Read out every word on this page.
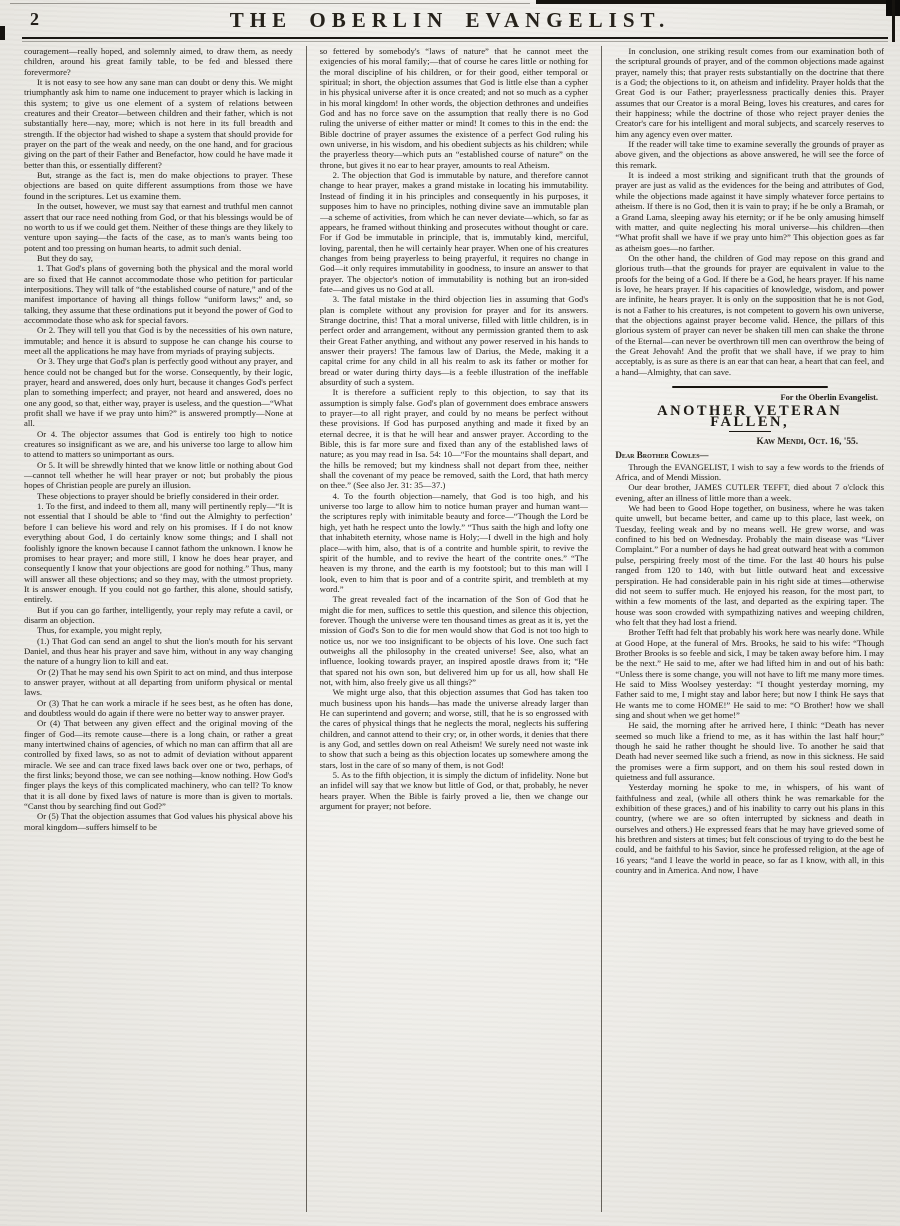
2	THE OBERLIN EVANGELIST.

couragement—really hoped, and solemnly aimed, to draw them, as needy children, around his great family table, to be fed and blessed there forevermore?

It is not easy to see how any sane man can doubt or deny this. We might triumphantly ask him to name one inducement to prayer which is lacking in this system; to give us one element of a system of relations between creatures and their Creator—between children and their father, which is not substantially here—nay, more; which is not here in its full breadth and strength. If the objector had wished to shape a system that should provide for prayer on the part of the weak and needy, on the one hand, and for gracious giving on the part of their Father and Benefactor, how could he have made it better than this, or essentially different?

But, strange as the fact is, men do make objections to prayer. These objections are based on quite different assumptions from those we have found in the scriptures. Let us examine them.

In the outset, however, we must say that earnest and truthful men cannot assert that our race need nothing from God, or that his blessings would be of no worth to us if we could get them. Neither of these things are they likely to venture upon saying—the facts of the case, as to man's wants being too potent and too pressing on human hearts, to admit such denial.

But they do say,

1. That God's plans of governing both the physical and the moral world are so fixed that He cannot accommodate those who petition for particular interpositions. They will talk of “the established course of nature,” and of the manifest importance of having all things follow “uniform laws;” and, so talking, they assume that these ordinations put it beyond the power of God to accommodate those who ask for special favors.

Or 2. They will tell you that God is by the necessities of his own nature, immutable; and hence it is absurd to suppose he can change his course to meet all the applications he may have from myriads of praying subjects.

Or 3. They urge that God's plan is perfectly good without any prayer, and hence could not be changed but for the worse. Consequently, by their logic, prayer, heard and answered, does only hurt, because it changes God's perfect plan to something imperfect; and prayer, not heard and answered, does no one any good, so that, either way, prayer is useless, and the question—“What profit shall we have if we pray unto him?” is answered promptly—None at all.

Or 4. The objector assumes that God is entirely too high to notice creatures so insignificant as we are, and his universe too large to allow him to attend to matters so unimportant as ours.

Or 5. It will be shrewdly hinted that we know little or nothing about God—cannot tell whether he will hear prayer or not; but probably the pious hopes of Christian people are purely an illusion.

These objections to prayer should be briefly considered in their order.

1. To the first, and indeed to them all, many will pertinently reply—“It is not essential that I should be able to ‘find out the Almighty to perfection’ before I can believe his word and rely on his promises. If I do not know everything about God, I do certainly know some things; and I shall not foolishly ignore the known because I cannot fathom the unknown. I know he promises to hear prayer; and more still, I know he does hear prayer, and consequently I know that your objections are good for nothing.” Thus, many will answer all these objections; and so they may, with the utmost propriety. It is answer enough. If you could not go farther, this alone, should satisfy, entirely.

But if you can go farther, intelligently, your reply may refute a cavil, or disarm an objection.

Thus, for example, you might reply,

(1.) That God can send an angel to shut the lion's mouth for his servant Daniel, and thus hear his prayer and save him, without in any way changing the nature of a hungry lion to kill and eat.

Or (2) That he may send his own Spirit to act on mind, and thus interpose to answer prayer, without at all departing from uniform physical or mental laws.

Or (3) That he can work a miracle if he sees best, as he often has done, and doubtless would do again if there were no better way to answer prayer.

Or (4) That between any given effect and the original moving of the finger of God—its remote cause—there is a long chain, or rather a great many intertwined chains of agencies, of which no man can affirm that all are controlled by fixed laws, so as not to admit of deviation without apparent miracle. We see and can trace fixed laws back over one or two, perhaps, of the first links; beyond those, we can see nothing—know nothing. How God's finger plays the keys of this complicated machinery, who can tell? To know that it is all done by fixed laws of nature is more than is given to mortals. “Canst thou by searching find out God?”

Or (5) That the objection assumes that God values his physical above his moral kingdom—suffers himself to be

so fettered by somebody's “laws of nature” that he cannot meet the exigencies of his moral family;—that of course he cares little or nothing for the moral discipline of his children, or for their good, either temporal or spiritual; in short, the objection assumes that God is little else than a cypher in his physical universe after it is once created; and not so much as a cypher in his moral kingdom! In other words, the objection dethrones and undeifies God and has no force save on the assumption that really there is no God ruling the universe of either matter or mind! It comes to this in the end: the Bible doctrine of prayer assumes the existence of a perfect God ruling his own universe, in his wisdom, and his obedient subjects as his children; while the prayerless theory—which puts an “established course of nature” on the throne, but gives it no ear to hear prayer, amounts to real Atheism.

2. The objection that God is immutable by nature, and therefore cannot change to hear prayer, makes a grand mistake in locating his immutability. Instead of finding it in his principles and consequently in his purposes, it supposes him to have no principles, nothing divine save an immutable plan—a scheme of activities, from which he can never deviate—which, so far as appears, he framed without thinking and prosecutes without thought or care. For if God be immutable in principle, that is, immutably kind, merciful, loving, parental, then he will certainly hear prayer. When one of his creatures changes from being prayerless to being prayerful, it requires no change in God—it only requires immutability in goodness, to insure an answer to that prayer. The objector's notion of immutability is nothing but an iron-sided fate—and gives us no God at all.

3. The fatal mistake in the third objection lies in assuming that God's plan is complete without any provision for prayer and for its answers. Strange doctrine, this! That a moral universe, filled with little children, is in perfect order and arrangement, without any permission granted them to ask their Great Father anything, and without any power reserved in his hands to answer their prayers! The famous law of Darius, the Mede, making it a capital crime for any child in all his realm to ask its father or mother for bread or water during thirty days—is a feeble illustration of the ineffable absurdity of such a system.

It is therefore a sufficient reply to this objection, to say that its assumption is simply false. God's plan of government does embrace answers to prayer—to all right prayer, and could by no means be perfect without these provisions. If God has purposed anything and made it fixed by an eternal decree, it is that he will hear and answer prayer. According to the Bible, this is far more sure and fixed than any of the established laws of nature; as you may read in Isa. 54: 10—“For the mountains shall depart, and the hills be removed; but my kindness shall not depart from thee, neither shall the covenant of my peace be removed, saith the Lord, that hath mercy on thee.” (See also Jer. 31: 35—37.)

4. To the fourth objection—namely, that God is too high, and his universe too large to allow him to notice human prayer and human want—the scriptures reply with inimitable beauty and force—“Though the Lord be high, yet hath he respect unto the lowly.” “Thus saith the high and lofty one that inhabiteth eternity, whose name is Holy;—I dwell in the high and holy place—with him, also, that is of a contrite and humble spirit, to revive the spirit of the humble, and to revive the heart of the contrite ones.” “The heaven is my throne, and the earth is my footstool; but to this man will I look, even to him that is poor and of a contrite spirit, and trembleth at my word.”

The great revealed fact of the incarnation of the Son of God that he might die for men, suffices to settle this question, and silence this objection, forever. Though the universe were ten thousand times as great as it is, yet the mission of God's Son to die for men would show that God is not too high to notice us, nor we too insignificant to be objects of his love. One such fact outweighs all the philosophy in the created universe! See, also, what an influence, looking towards prayer, an inspired apostle draws from it; “He that spared not his own son, but delivered him up for us all, how shall He not, with him, also freely give us all things?”

We might urge also, that this objection assumes that God has taken too much business upon his hands—has made the universe already larger than He can superintend and govern; and worse, still, that he is so engrossed with the cares of physical things that he neglects the moral, neglects his suffering children, and cannot attend to their cry; or, in other words, it denies that there is any God, and settles down on real Atheism! We surely need not waste ink to show that such a being as this objection locates up somewhere among the stars, lost in the care of so many of them, is not God!

5. As to the fifth objection, it is simply the dictum of infidelity. None but an infidel will say that we know but little of God, or that, probably, he never hears prayer. When the Bible is fairly proved a lie, then we change our argument for prayer; not before.

In conclusion, one striking result comes from our examination both of the scriptural grounds of prayer, and of the common objections made against prayer, namely this; that prayer rests substantially on the doctrine that there is a God; the objections to it, on atheism and infidelity. Prayer holds that the Great God is our Father; prayerlessness practically denies this. Prayer assumes that our Creator is a moral Being, loves his creatures, and cares for their happiness; while the doctrine of those who reject prayer denies the Creator's care for his intelligent and moral subjects, and scarcely reserves to him any agency even over matter.

If the reader will take time to examine severally the grounds of prayer as above given, and the objections as above answered, he will see the force of this remark.

It is indeed a most striking and significant truth that the grounds of prayer are just as valid as the evidences for the being and attributes of God, while the objections made against it have simply whatever force pertains to atheism. If there is no God, then it is vain to pray; if he be only a Bramah, or a Grand Lama, sleeping away his eternity; or if he be only amusing himself with matter, and quite neglecting his moral universe—his children—then “What profit shall we have if we pray unto him?” This objection goes as far as atheism goes—no farther.

On the other hand, the children of God may repose on this grand and glorious truth—that the grounds for prayer are equivalent in value to the proofs for the being of a God. If there be a God, he hears prayer. If his name is love, he hears prayer. If his capacities of knowledge, wisdom, and power are infinite, he hears prayer. It is only on the supposition that he is not God, is not a Father to his creatures, is not competent to govern his own universe, that the objections against prayer become valid. Hence, the pillars of this glorious system of prayer can never be shaken till men can shake the throne of the Eternal—can never be overthrown till men can overthrow the being of the Great Jehovah! And the profit that we shall have, if we pray to him acceptably, is as sure as there is an ear that can hear, a heart that can feel, and a hand—Almighty, that can save.

For the Oberlin Evangelist.
ANOTHER VETERAN FALLEN,
Kaw Mendi, Oct. 16, '55.
Dear Brother Cowles—

Through the EVANGELIST, I wish to say a few words to the friends of Africa, and of Mendi Mission.

Our dear brother, JAMES CUTLER TEFFT, died about 7 o'clock this evening, after an illness of little more than a week.

We had been to Good Hope together, on business, where he was taken quite unwell, but became better, and came up to this place, last week, on Tuesday, feeling weak and by no means well. He grew worse, and was confined to his bed on Wednesday. Probably the main disease was “Liver Complaint.” For a number of days he had great outward heat with a common pulse, perspiring freely most of the time. For the last 40 hours his pulse ranged from 120 to 140, with but little outward heat and excessive perspiration. He had considerable pain in his right side at times—otherwise did not seem to suffer much. He enjoyed his reason, for the most part, to within a few moments of the last, and departed as the expiring taper. The house was soon crowded with sympathizing natives and weeping children, who felt that they had lost a friend.

Brother Tefft had felt that probably his work here was nearly done. While at Good Hope, at the funeral of Mrs. Brooks, he said to his wife: “Though Brother Brooks is so feeble and sick, I may be taken away before him. I may be the next.” He said to me, after we had lifted him in and out of his bath: “Unless there is some change, you will not have to lift me many more times. He said to Miss Woolsey yesterday: “I thought yesterday morning, my Father said to me, I might stay and labor here; but now I think He says that He wants me to come HOME!” He said to me: “O Brother! how we shall sing and shout when we get home!”

He said, the morning after he arrived here, I think: “Death has never seemed so much like a friend to me, as it has within the last half hour;” though he said he rather thought he should live. To another he said that Death had never seemed like such a friend, as now in this sickness. He said the promises were a firm support, and on them his soul rested down in quietness and full assurance.

Yesterday morning he spoke to me, in whispers, of his want of faithfulness and zeal, (while all others think he was remarkable for the exhibition of these graces,) and of his inability to carry out his plans in this country, (where we are so often interrupted by sickness and death in ourselves and others.) He expressed fears that he may have grieved some of his brethren and sisters at times; but felt conscious of trying to do the best he could, and be faithful to his Savior, since he professed religion, at the age of 16 years; “and I leave the world in peace, so far as I know, with all, in this country and in America. And now, I have
